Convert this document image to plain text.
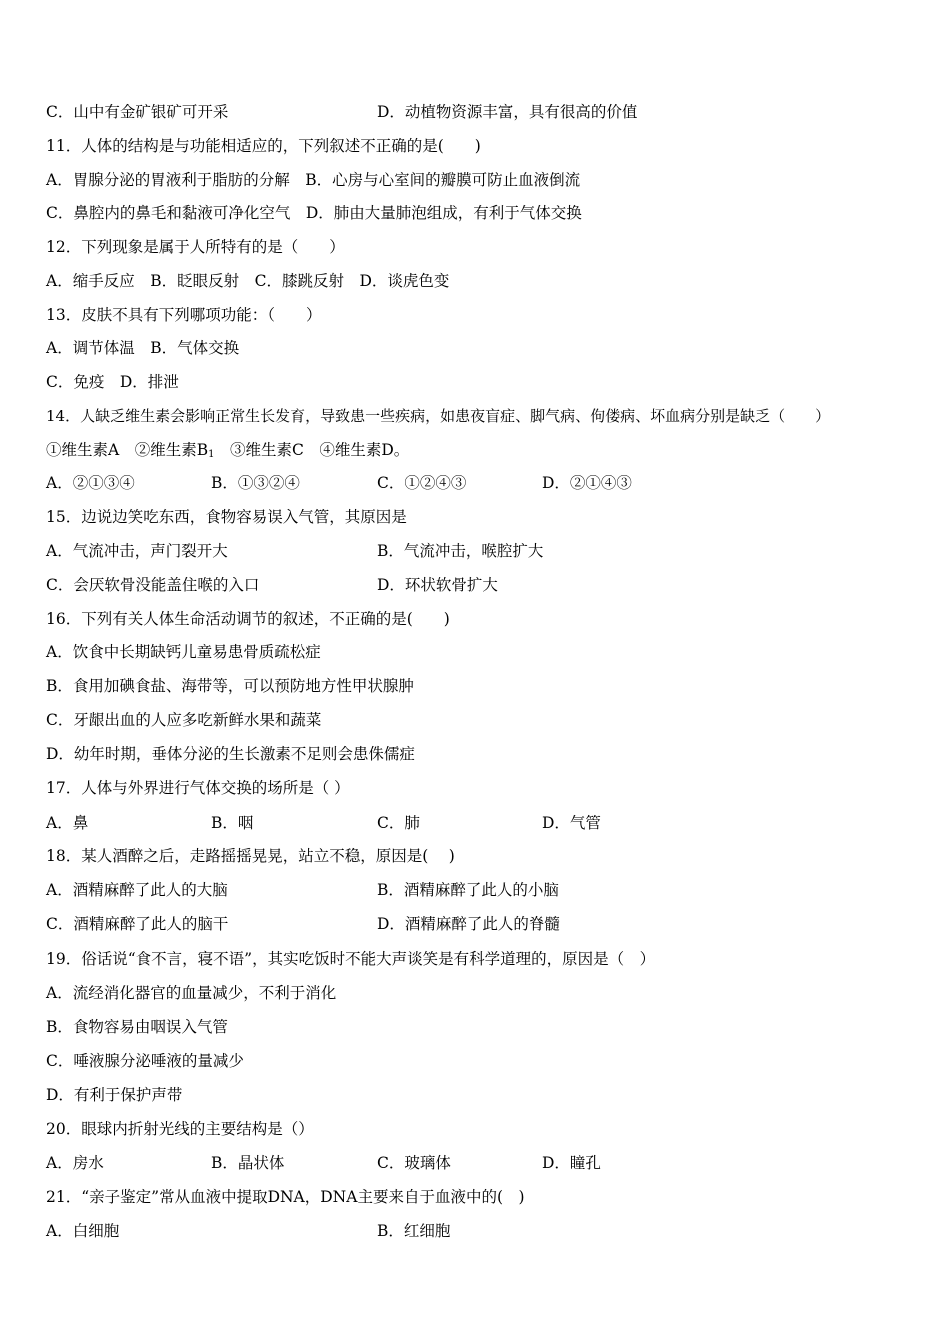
C．山中有金矿银矿可开采	D．动植物资源丰富，具有很高的价值
11．人体的结构是与功能相适应的，下列叙述不正确的是(　　)
A．胃腺分泌的胃液利于脂肪的分解　B．心房与心室间的瓣膜可防止血液倒流
C．鼻腔内的鼻毛和黏液可净化空气　D．肺由大量肺泡组成，有利于气体交换
12．下列现象是属于人所特有的是（　　）
A．缩手反应　B．眨眼反射　C．膝跳反射　D．谈虎色变
13．皮肤不具有下列哪项功能：（　　）
A．调节体温　B．气体交换
C．免疫　D．排泄
14．人缺乏维生素会影响正常生长发育，导致患一些疾病，如患夜盲症、脚气病、佝偻病、坏血病分别是缺乏（　　）
①维生素A　②维生素$B_1$　③维生素C　④维生素D。
A．②①③④	B．①③②④	C．①②④③	D．②①④③
15．边说边笑吃东西，食物容易误入气管，其原因是
A．气流冲击，声门裂开大	B．气流冲击，喉腔扩大
C．会厌软骨没能盖住喉的入口	D．环状软骨扩大
16．下列有关人体生命活动调节的叙述，不正确的是(　　)
A．饮食中长期缺钙儿童易患骨质疏松症
B．食用加碘食盐、海带等，可以预防地方性甲状腺肿
C．牙龈出血的人应多吃新鲜水果和蔬菜
D．幼年时期，垂体分泌的生长激素不足则会患侏儒症
17．人体与外界进行气体交换的场所是（ ）
A．鼻	B．咽	C．肺	D．气管
18．某人酒醉之后，走路摇摇晃晃，站立不稳，原因是(　 )
A．酒精麻醉了此人的大脑	B．酒精麻醉了此人的小脑
C．酒精麻醉了此人的脑干	D．酒精麻醉了此人的脊髓
19．俗话说“食不言，寝不语”，其实吃饭时不能大声谈笑是有科学道理的，原因是（　）
A．流经消化器官的血量减少，不利于消化
B．食物容易由咽误入气管
C．唾液腺分泌唾液的量减少
D．有利于保护声带
20．眼球内折射光线的主要结构是（）
A．房水	B．晶状体	C．玻璃体	D．瞳孔
21．“亲子鉴定”常从血液中提取DNA，DNA主要来自于血液中的(　)
A．白细胞	B．红细胞
